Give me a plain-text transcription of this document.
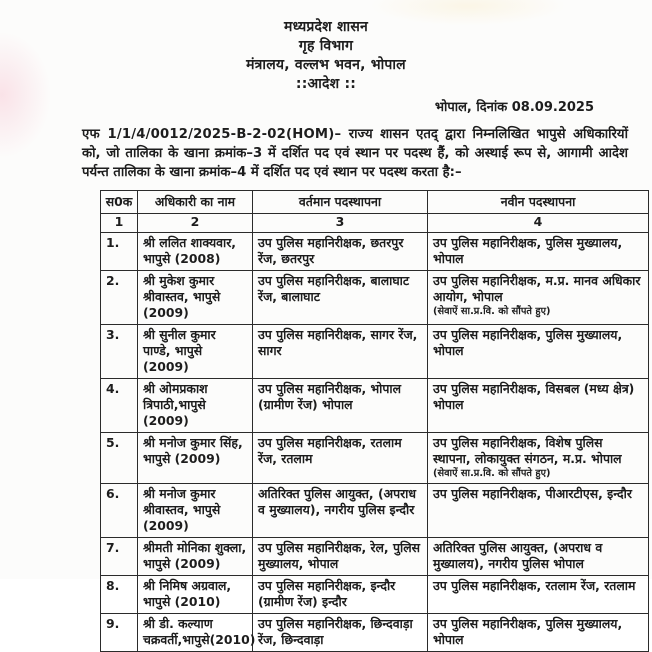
मध्यप्रदेश शासन
गृह विभाग
मंत्रालय, वल्लभ भवन, भोपाल
::आदेश ::
भोपाल, दिनांक 08.09.2025

एफ 1/1/4/0012/2025-B-2-02(HOM)– राज्य शासन एतद् द्वारा निम्नलिखित भापुसे अधिकारियों को, जो तालिका के खाना क्रमांक–3 में दर्शित पद एवं स्थान पर पदस्थ हैं, को अस्थाई रूप से, आगामी आदेश पर्यन्त तालिका के खाना क्रमांक–4 में दर्शित पद एवं स्थान पर पदस्थ करता है:–

स0क	अधिकारी का नाम	वर्तमान पदस्थापना	नवीन पदस्थापना
1	2	3	4
1.	श्री ललित शाक्यवार, भापुसे (2008)	उप पुलिस महानिरीक्षक, छतरपुर रेंज, छतरपुर	उप पुलिस महानिरीक्षक, पुलिस मुख्यालय, भोपाल
2.	श्री मुकेश कुमार श्रीवास्तव, भापुसे (2009)	उप पुलिस महानिरीक्षक, बालाघाट रेंज, बालाघाट	उप पुलिस महानिरीक्षक, म.प्र. मानव अधिकार आयोग, भोपाल
(सेवाऐं सा.प्र.वि. को सौंपते हुए)

3.	श्री सुनील कुमार पाण्डे, भापुसे (2009)	उप पुलिस महानिरीक्षक, सागर रेंज, सागर	उप पुलिस महानिरीक्षक, पुलिस मुख्यालय, भोपाल
4.	श्री ओमप्रकाश त्रिपाठी,भापुसे (2009)	उप पुलिस महानिरीक्षक, भोपाल (ग्रामीण रेंज) भोपाल	उप पुलिस महानिरीक्षक, विसबल (मध्य क्षेत्र) भोपाल
5.	श्री मनोज कुमार सिंह, भापुसे (2009)	उप पुलिस महानिरीक्षक, रतलाम रेंज, रतलाम	उप पुलिस महानिरीक्षक, विशेष पुलिस स्थापना, लोकायुक्त संगठन, म.प्र. भोपाल
(सेवाऐं सा.प्र.वि. को सौंपते हुए)

6.	श्री मनोज कुमार श्रीवास्तव, भापुसे (2009)	अतिरिक्त पुलिस आयुक्त, (अपराध व मुख्यालय), नगरीय पुलिस इन्दौर	उप पुलिस महानिरीक्षक, पीआरटीएस, इन्दौर
7.	श्रीमती मोनिका शुक्ला, भापुसे (2009)	उप पुलिस महानिरीक्षक, रेल, पुलिस मुख्यालय, भोपाल	अतिरिक्त पुलिस आयुक्त, (अपराध व मुख्यालय), नगरीय पुलिस भोपाल
8.	श्री निमिष अग्रवाल, भापुसे (2010)	उप पुलिस महानिरीक्षक, इन्दौर (ग्रामीण रेंज) इन्दौर	उप पुलिस महानिरीक्षक, रतलाम रेंज, रतलाम
9.	श्री डी. कल्याण चक्रवर्ती,भापुसे(2010)	उप पुलिस महानिरीक्षक, छिन्दवाड़ा रेंज, छिन्दवाड़ा	उप पुलिस महानिरीक्षक, पुलिस मुख्यालय, भोपाल
